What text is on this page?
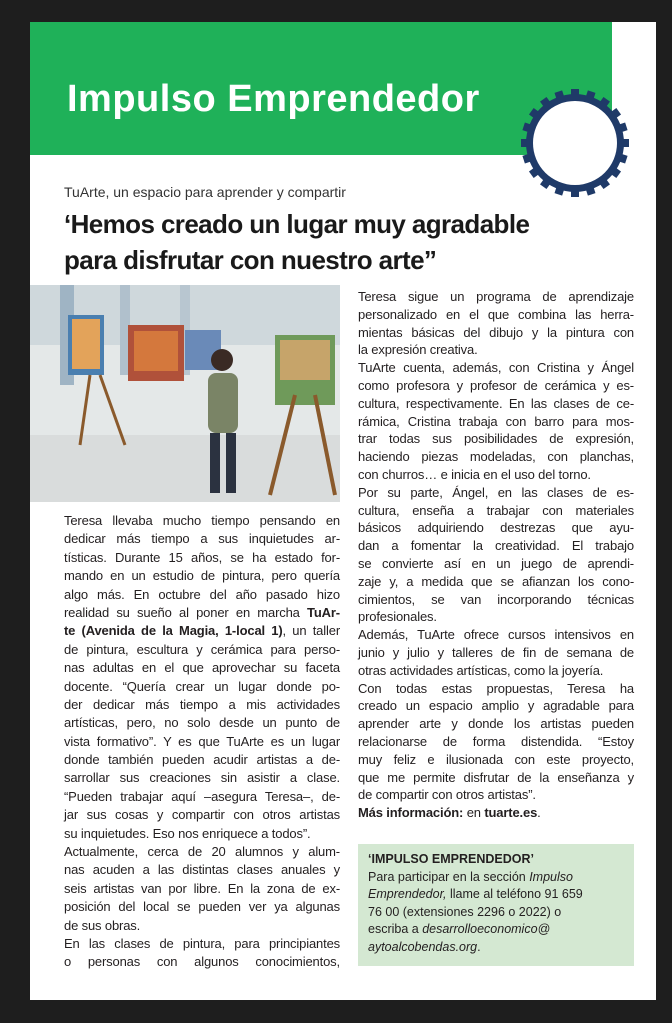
Impulso Emprendedor
TuArte, un espacio para aprender y compartir
‘Hemos creado un lugar muy agradable
para disfrutar con nuestro arte”
Teresa llevaba mucho tiempo pensando en
dedicar más tiempo a sus inquietudes ar-
tísticas. Durante 15 años, se ha estado for-
mando en un estudio de pintura, pero quería
algo más. En octubre del año pasado hizo
realidad su sueño al poner en marcha TuAr-
te (Avenida de la Magia, 1-local 1), un taller
de pintura, escultura y cerámica para perso-
nas adultas en el que aprovechar su faceta
docente. “Quería crear un lugar donde po-
der dedicar más tiempo a mis actividades
artísticas, pero, no solo desde un punto de
vista formativo”. Y es que TuArte es un lugar
donde también pueden acudir artistas a de-
sarrollar sus creaciones sin asistir a clase.
“Pueden trabajar aquí –asegura Teresa–, de-
jar sus cosas y compartir con otros artistas
su inquietudes. Eso nos enriquece a todos”.
Actualmente, cerca de 20 alumnos y alum-
nas acuden a las distintas clases anuales y
seis artistas van por libre. En la zona de ex-
posición del local se pueden ver ya algunas
de sus obras.
En las clases de pintura, para principiantes
o personas con algunos conocimientos,
Teresa sigue un programa de aprendizaje
personalizado en el que combina las herra-
mientas básicas del dibujo y la pintura con
la expresión creativa.
TuArte cuenta, además, con Cristina y Ángel
como profesora y profesor de cerámica y es-
cultura, respectivamente. En las clases de ce-
rámica, Cristina trabaja con barro para mos-
trar todas sus posibilidades de expresión,
haciendo piezas modeladas, con planchas,
con churros… e inicia en el uso del torno.
Por su parte, Ángel, en las clases de es-
cultura, enseña a trabajar con materiales
básicos adquiriendo destrezas que ayu-
dan a fomentar la creatividad. El trabajo
se convierte así en un juego de aprendi-
zaje y, a medida que se afianzan los cono-
cimientos, se van incorporando técnicas
profesionales.
Además, TuArte ofrece cursos intensivos en
junio y julio y talleres de fin de semana de
otras actividades artísticas, como la joyería.
Con todas estas propuestas, Teresa ha
creado un espacio amplio y agradable para
aprender arte y donde los artistas pueden
relacionarse de forma distendida. “Estoy
muy feliz e ilusionada con este proyecto,
que me permite disfrutar de la enseñanza y
de compartir con otros artistas”.
Más información: en tuarte.es.
‘IMPULSO EMPRENDEDOR’
Para participar en la sección Impulso
Emprendedor, llame al teléfono 91 659
76 00 (extensiones 2296 o 2022) o
escriba a desarrolloeconomico@
aytoalcobendas.org.
